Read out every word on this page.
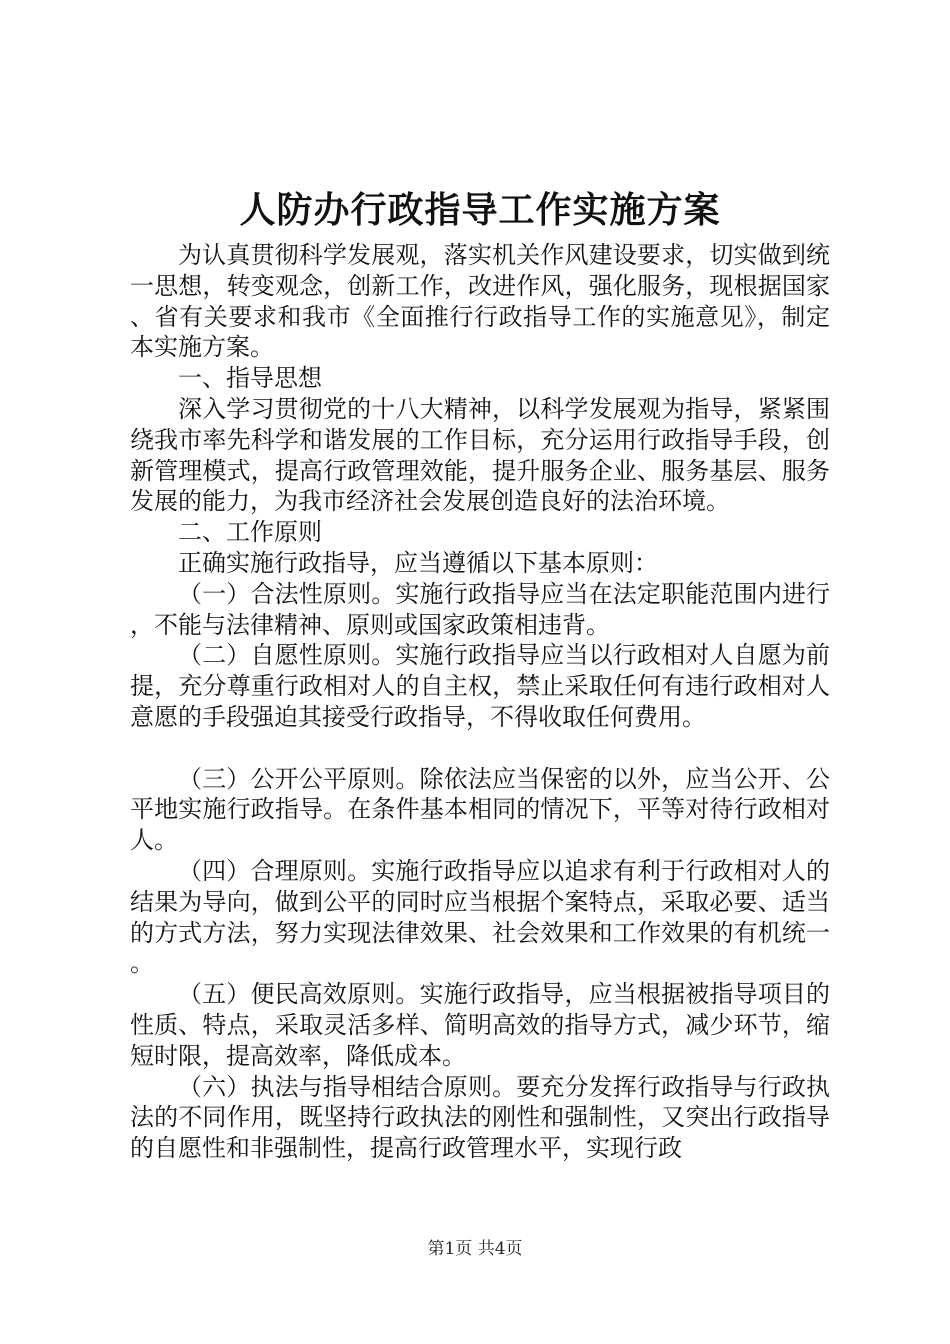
人防办行政指导工作实施方案

为认真贯彻科学发展观，落实机关作风建设要求，切实做到统一思想，转变观念，创新工作，改进作风，强化服务，现根据国家、省有关要求和我市《全面推行行政指导工作的实施意见》，制定本实施方案。

一、指导思想

深入学习贯彻党的十八大精神，以科学发展观为指导，紧紧围绕我市率先科学和谐发展的工作目标，充分运用行政指导手段，创新管理模式，提高行政管理效能，提升服务企业、服务基层、服务发展的能力，为我市经济社会发展创造良好的法治环境。

二、工作原则

正确实施行政指导，应当遵循以下基本原则：

（一）合法性原则。实施行政指导应当在法定职能范围内进行，不能与法律精神、原则或国家政策相违背。

（二）自愿性原则。实施行政指导应当以行政相对人自愿为前提，充分尊重行政相对人的自主权，禁止采取任何有违行政相对人意愿的手段强迫其接受行政指导，不得收取任何费用。

（三）公开公平原则。除依法应当保密的以外，应当公开、公平地实施行政指导。在条件基本相同的情况下，平等对待行政相对人。

（四）合理原则。实施行政指导应以追求有利于行政相对人的结果为导向，做到公平的同时应当根据个案特点，采取必要、适当的方式方法，努力实现法律效果、社会效果和工作效果的有机统一。

（五）便民高效原则。实施行政指导，应当根据被指导项目的性质、特点，采取灵活多样、简明高效的指导方式，减少环节，缩短时限，提高效率，降低成本。

（六）执法与指导相结合原则。要充分发挥行政指导与行政执法的不同作用，既坚持行政执法的刚性和强制性，又突出行政指导的自愿性和非强制性，提高行政管理水平，实现行政

第1页 共4页
